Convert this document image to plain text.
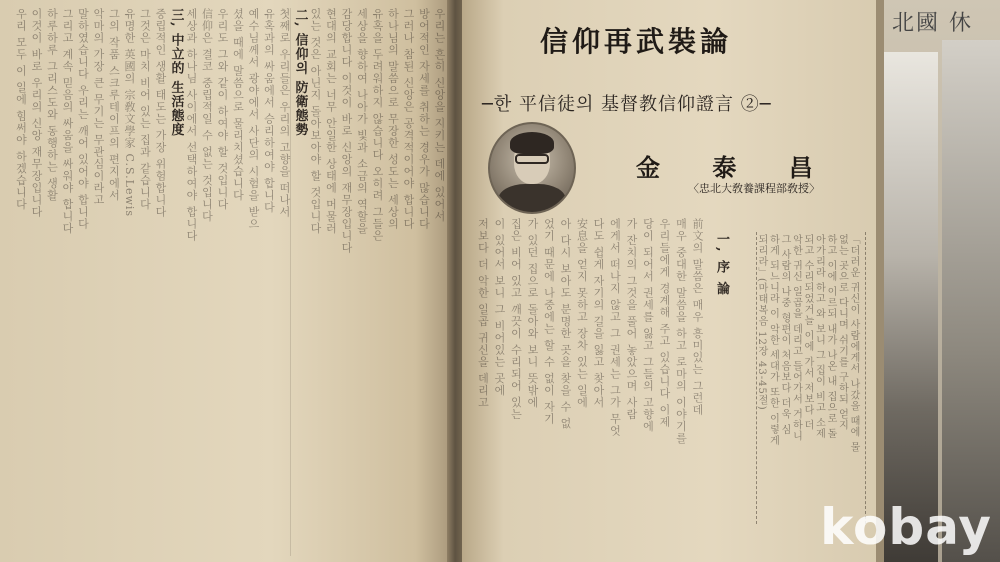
北國 休
우리는 흔히 신앙을 지키는 데에 있어서
방어적인 자세를 취하는 경우가 많습니다
그러나 참된 신앙은 공격적이어야 합니다
하나님의 말씀으로 무장한 성도는 세상의
유혹을 두려워하지 않습니다 오히려 그들은
세상을 향하여 나아가 빛과 소금의 역할을
감당합니다 이것이 바로 신앙의 재무장입니다
현대의 교회는 너무 안일한 상태에 머물러
있는 것은 아닌지 돌아보아야 할 것입니다
二, 信仰의 防衛態勢
첫째로 우리들은 우리의 고향을 떠나서
유혹과의 싸움에서 승리하여야 합니다
예수님께서 광야에서 사단의 시험을 받으
셨을 때에 말씀으로 물리치셨습니다
우리도 그와 같이 하여야 할 것입니다
信仰은 결코 중립적일 수 없는 것입니다
세상과 하나님 사이에서 선택하여야 합니다
三, 中立的 生活態度
중립적인 생활 태도는 가장 위험합니다
그것은 마치 비어 있는 집과 같습니다
유명한 英國의 宗敎文學家 C.S.Lewis
그의 작품 스크루테이프의 편지에서
악마의 가장 큰 무기는 무관심이라고
말하였습니다 우리는 깨어 있어야 합니다
그리고 계속 믿음의 싸움을 싸워야 합니다
하루하루 그리스도와 동행하는 생활
이것이 바로 우리의 신앙 재무장입니다
우리 모두 이 일에 힘써야 하겠습니다	信仰再武裝論
─한 平信徒의 基督教信仰證言 ②─
金 泰 昌
〈忠北大敎養課程部敎授〉
一, 序 論
前文의 말씀은 매우 흥미있는 그런데
매우 중대한 말씀을 하고 로마의 이야기를
우리들에게 경계해 주고 있습니다 이제
당이 되어서 권세를 잃고 그들의 고향에
가 잔치의 그것을 풀어 놓았으며 사람
에게서 떠나지 않고 그 권세는 그가 무엇
다도 쉽게 자기의 길을 잃고 찾아서
安息을 얻지 못하고 장차 있는 일에
아 다시 보아도 분명한 곳을 찾을 수 없
었기 때문에 나중에는 할 수 없이 자기
가 있던 집으로 돌아와 보니 뜻밖에
집은 비어 있고 깨끗이 수리되어 있는
이 있어서 보니 그 비어있는 곳에
저보다 더 악한 일곱 귀신을 데리고	「더러운 귀신이 사람에게서 나갔을 때에 물
없는 곳으로 다니며 쉬기를 구하되 얻지
하고 이에 이르되 내가 나온 내 집으로 돌
아가리라 하고 와 보니 그 집이 비고 소제
되고 수리되었거늘 이에 가서 저보다 더
악한 귀신 일곱을 데리고 들어가서 거하니
그 사람의 나중 형편이 처음보다 더욱 심
하게 되느니라 이 악한 세대가 또한 이렇게
되리라」(마태복음 12장 43-45절)
kobay
